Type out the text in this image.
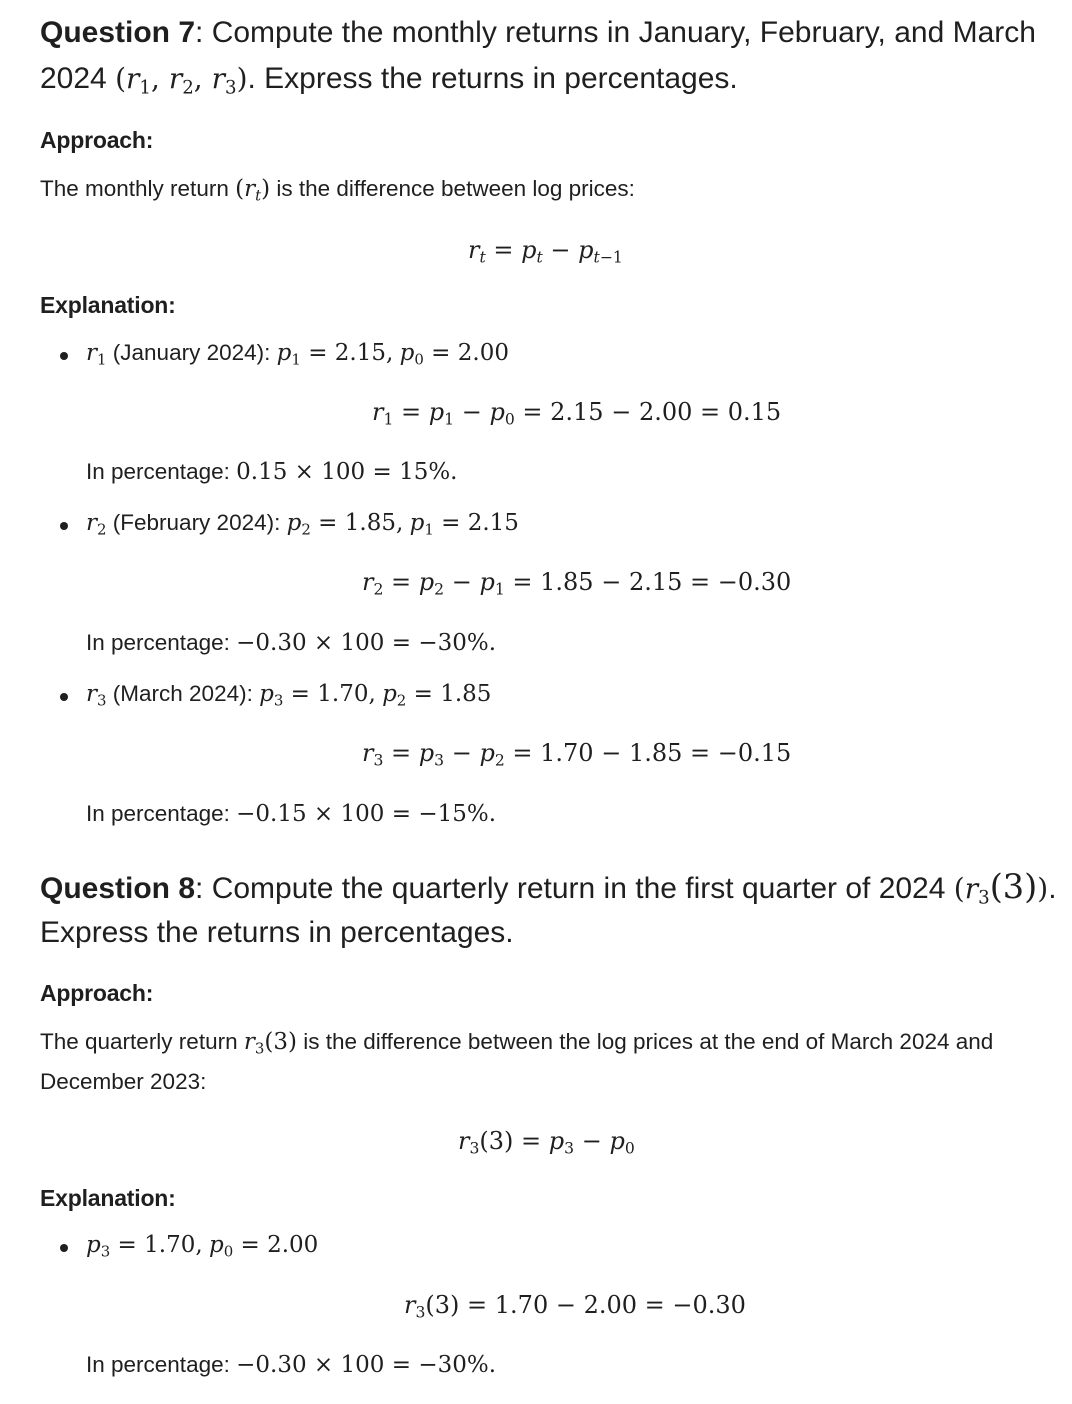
Question 7: Compute the monthly returns in January, February, and March
2024 ($r_1$, $r_2$, $r_3$). Express the returns in percentages.
Approach:
The monthly return $(r_t)$ is the difference between log prices:
$r_t = p_t - p_{t-1}$
Explanation:
$r_1$ (January 2024): $p_1 = 2.15$, $p_0 = 2.00$
$r_1 = p_1 - p_0 = 2.15 - 2.00 = 0.15$
In percentage: 0.15 × 100 = 15%.
$r_2$ (February 2024): $p_2 = 1.85$, $p_1 = 2.15$
$r_2 = p_2 - p_1 = 1.85 - 2.15 = -0.30$
In percentage: −0.30 × 100 = −30%.
$r_3$ (March 2024): $p_3 = 1.70$, $p_2 = 1.85$
$r_3 = p_3 - p_2 = 1.70 - 1.85 = -0.15$
In percentage: −0.15 × 100 = −15%.
Question 8: Compute the quarterly return in the first quarter of 2024 $(r_3(3))$.
Express the returns in percentages.
Approach:
The quarterly return $r_3(3)$ is the difference between the log prices at the end of March 2024 and December 2023:
$r_3(3) = p_3 - p_0$
Explanation:
$p_3 = 1.70$, $p_0 = 2.00$
$r_3(3) = 1.70 - 2.00 = -0.30$
In percentage: −0.30 × 100 = −30%.
